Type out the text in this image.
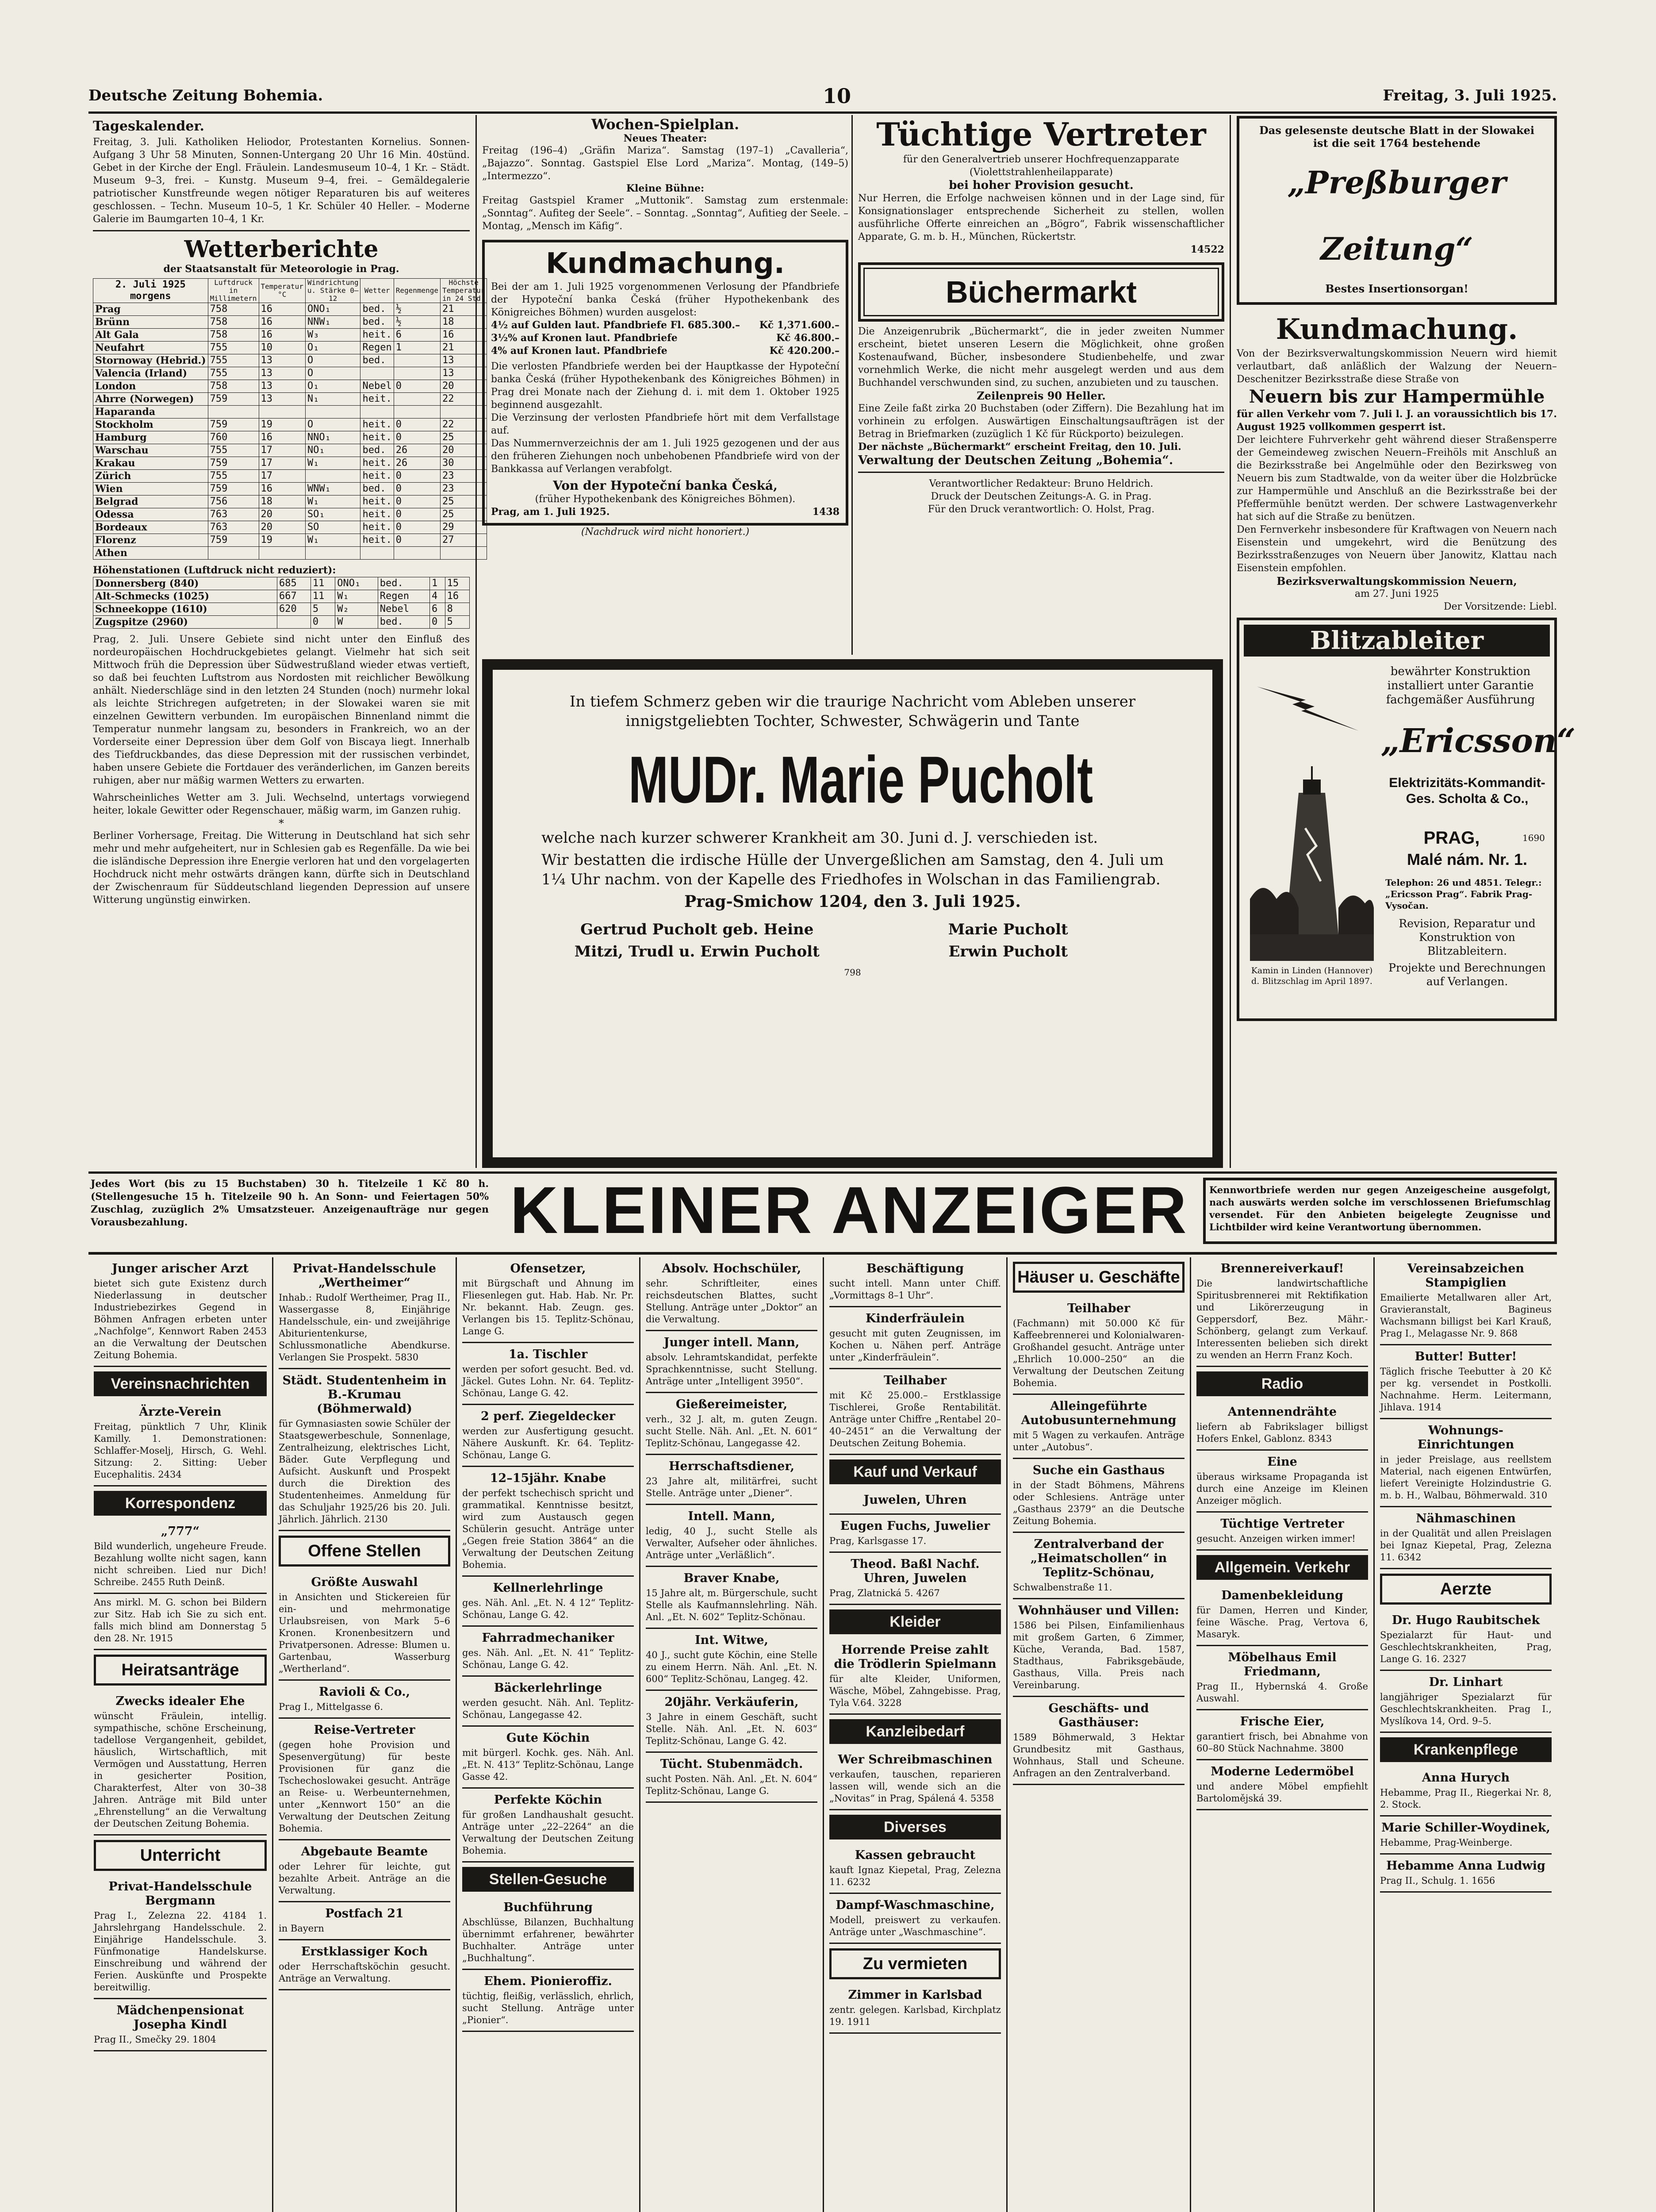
Deutsche Zeitung Bohemia.	10	Freitag, 3. Juli 1925.
Tageskalender.
Freitag, 3. Juli. Katholiken Heliodor, Protestanten Kornelius. Sonnen-Aufgang 3 Uhr 58 Minuten, Sonnen-Untergang 20 Uhr 16 Min. 40stünd. Gebet in der Kirche der Engl. Fräulein. Landesmuseum 10–4, 1 Kr. – Städt. Museum 9–3, frei. – Kunstg. Museum 9–4, frei. – Gemäldegalerie patriotischer Kunstfreunde wegen nötiger Reparaturen bis auf weiteres geschlossen. – Techn. Museum 10–5, 1 Kr. Schüler 40 Heller. – Moderne Galerie im Baumgarten 10–4, 1 Kr.
Wetterberichte
der Staatsanstalt für Meteorologie in Prag.
2. Juli 1925 morgens	Luftdruck in Millimetern	Temperatur °C	Windrichtung u. Stärke 0–12	Wetter	Regenmenge	Höchste Temperatur in 24 Std.
Prag	758	16	ONO₁	bed.	½	21
Brünn	758	16	NNW₁	bed.	½	18
Alt Gala	758	16	W₃	heit.	6	16
Neufahrt	755	10	O₁	Regen	1	21
Stornoway (Hebrid.)	755	13	O	bed.		13
Valencia (Irland)	755	13	O			13
London	758	13	O₁	Nebel	0	20
Ahrre (Norwegen)	759	13	N₁	heit.		22
Haparanda						
Stockholm	759	19	O	heit.	0	22
Hamburg	760	16	NNO₁	heit.	0	25
Warschau	755	17	NO₁	bed.	26	20
Krakau	759	17	W₁	heit.	26	30
Zürich	755	17		heit.	0	23
Wien	759	16	WNW₁	bed.	0	23
Belgrad	756	18	W₁	heit.	0	25
Odessa	763	20	SO₁	heit.	0	25
Bordeaux	763	20	SO	heit.	0	29
Florenz	759	19	W₁	heit.	0	27
Athen						
Höhenstationen (Luftdruck nicht reduziert):
Donnersberg (840)	685	11	ONO₁	bed.	1	15
Alt-Schmecks (1025)	667	11	W₁	Regen	4	16
Schneekoppe (1610)	620	5	W₂	Nebel	6	8
Zugspitze (2960)		0	W	bed.	0	5
Prag, 2. Juli. Unsere Gebiete sind nicht unter den Einfluß des nordeuropäischen Hochdruckgebietes gelangt. Vielmehr hat sich seit Mittwoch früh die Depression über Südwestrußland wieder etwas vertieft, so daß bei feuchten Luftstrom aus Nordosten mit reichlicher Bewölkung anhält. Niederschläge sind in den letzten 24 Stunden (noch) nurmehr lokal als leichte Strichregen aufgetreten; in der Slowakei waren sie mit einzelnen Gewittern verbunden. Im europäischen Binnenland nimmt die Temperatur nunmehr langsam zu, besonders in Frankreich, wo an der Vorderseite einer Depression über dem Golf von Biscaya liegt. Innerhalb des Tiefdruckbandes, das diese Depression mit der russischen verbindet, haben unsere Gebiete die Fortdauer des veränderlichen, im Ganzen bereits ruhigen, aber nur mäßig warmen Wetters zu erwarten.
Wahrscheinliches Wetter am 3. Juli. Wechselnd, untertags vorwiegend heiter, lokale Gewitter oder Regenschauer, mäßig warm, im Ganzen ruhig.
*
Berliner Vorhersage, Freitag. Die Witterung in Deutschland hat sich sehr mehr und mehr aufgeheitert, nur in Schlesien gab es Regenfälle. Da wie bei die isländische Depression ihre Energie verloren hat und den vorgelagerten Hochdruck nicht mehr ostwärts drängen kann, dürfte sich in Deutschland der Zwischenraum für Süddeutschland liegenden Depression auf unsere Witterung ungünstig einwirken.
Wochen-Spielplan.
Neues Theater:
Freitag (196–4) „Gräfin Mariza“. Samstag (197–1) „Cavalleria“, „Bajazzo“. Sonntag. Gastspiel Else Lord „Mariza“. Montag, (149–5) „Intermezzo“.
Kleine Bühne:
Freitag Gastspiel Kramer „Muttonik“. Samstag zum erstenmale: „Sonntag“. Aufiteg der Seele“. – Sonntag. „Sonntag“, Aufitieg der Seele. – Montag, „Mensch im Käfig“.
Kundmachung.
Bei der am 1. Juli 1925 vorgenommenen Verlosung der Pfandbriefe der Hypoteční banka Česká (früher Hypothekenbank des Königreiches Böhmen) wurden ausgelost:
4½ auf Gulden laut. Pfandbriefe Fl. 685.300.– Kč 1,371.600.–
3½% auf Kronen laut. Pfandbriefe	Kč 46.800.–
4% auf Kronen laut. Pfandbriefe	Kč 420.200.–
Die verlosten Pfandbriefe werden bei der Hauptkasse der Hypoteční banka Česká (früher Hypothekenbank des Königreiches Böhmen) in Prag drei Monate nach der Ziehung d. i. mit dem 1. Oktober 1925 beginnend ausgezahlt.
Die Verzinsung der verlosten Pfandbriefe hört mit dem Verfallstage auf.
Das Nummernverzeichnis der am 1. Juli 1925 gezogenen und der aus den früheren Ziehungen noch unbehobenen Pfandbriefe wird von der Bankkassa auf Verlangen verabfolgt.
Von der Hypoteční banka Česká,
(früher Hypothekenbank des Königreiches Böhmen).
Prag, am 1. Juli 1925.	1438
(Nachdruck wird nicht honoriert.)
Tüchtige Vertreter
für den Generalvertrieb unserer Hochfrequenzapparate (Violettstrahlenheilapparate)
bei hoher Provision gesucht.
Nur Herren, die Erfolge nachweisen können und in der Lage sind, für Konsignationslager entsprechende Sicherheit zu stellen, wollen ausführliche Offerte einreichen an „Bögro“, Fabrik wissenschaftlicher Apparate, G. m. b. H., München, Rückertstr.
14522
Büchermarkt
Die Anzeigenrubrik „Büchermarkt“, die in jeder zweiten Nummer erscheint, bietet unseren Lesern die Möglichkeit, ohne großen Kostenaufwand, Bücher, insbesondere Studienbehelfe, und zwar vornehmlich Werke, die nicht mehr ausgelegt werden und aus dem Buchhandel verschwunden sind, zu suchen, anzubieten und zu tauschen.
Zeilenpreis 90 Heller.
Eine Zeile faßt zirka 20 Buchstaben (oder Ziffern). Die Bezahlung hat im vorhinein zu erfolgen. Auswärtigen Einschaltungsaufträgen ist der Betrag in Briefmarken (zuzüglich 1 Kč für Rückporto) beizulegen.
Der nächste „Büchermarkt“ erscheint Freitag, den 10. Juli.
Verwaltung der Deutschen Zeitung „Bohemia“.
Verantwortlicher Redakteur: Bruno Heldrich.
Druck der Deutschen Zeitungs-A. G. in Prag.
Für den Druck verantwortlich: O. Holst, Prag.
Das gelesenste deutsche Blatt in der Slowakei
ist die seit 1764 bestehende
„Preßburger Zeitung“
Bestes Insertionsorgan!
Kundmachung.
Von der Bezirksverwaltungskommission Neuern wird hiemit verlautbart, daß anläßlich der Walzung der Neuern–Deschenitzer Bezirksstraße diese Straße von
Neuern bis zur Hampermühle
für allen Verkehr vom 7. Juli l. J. an voraussichtlich bis 17. August 1925 vollkommen gesperrt ist.
Der leichtere Fuhrverkehr geht während dieser Straßensperre der Gemeindeweg zwischen Neuern–Freihöls mit Anschluß an die Bezirksstraße bei Angelmühle oder den Bezirksweg von Neuern bis zum Stadtwalde, von da weiter über die Holzbrücke zur Hampermühle und Anschluß an die Bezirksstraße bei der Pfeffermühle benützt werden. Der schwere Lastwagenverkehr hat sich auf die Straße zu benützen.
Den Fernverkehr insbesondere für Kraftwagen von Neuern nach Eisenstein und umgekehrt, wird die Benützung des Bezirksstraßenzuges von Neuern über Janowitz, Klattau nach Eisenstein empfohlen.
Bezirksverwaltungskommission Neuern,
am 27. Juni 1925
Der Vorsitzende: Liebl.
Blitzableiter
bewährter Konstruktion installiert unter Garantie fachgemäßer Ausführung
„Ericsson“
Kamin in Linden (Hannover) d. Blitzschlag im April 1897.
Elektrizitäts-Kommandit-Ges. Scholta & Co.,
PRAG,	1690
Malé nám. Nr. 1.
Telephon: 26 und 4851. Telegr.: „Ericsson Prag“. Fabrik Prag-Vysočan.
Revision, Reparatur und Konstruktion von Blitzableitern.
Projekte und Berechnungen auf Verlangen.
In tiefem Schmerz geben wir die traurige Nachricht vom Ableben unserer innigstgeliebten Tochter, Schwester, Schwägerin und Tante
MUDr. Marie Pucholt
welche nach kurzer schwerer Krankheit am 30. Juni d. J. verschieden ist.
Wir bestatten die irdische Hülle der Unvergeßlichen am Samstag, den 4. Juli um 1¼ Uhr nachm. von der Kapelle des Friedhofes in Wolschan in das Familiengrab.
Prag-Smichow 1204, den 3. Juli 1925.
Gertrud Pucholt geb. Heine	Marie Pucholt
Mitzi, Trudl u. Erwin Pucholt	Erwin Pucholt
798
Jedes Wort (bis zu 15 Buchstaben) 30 h. Titelzeile 1 Kč 80 h. (Stellengesuche 15 h. Titelzeile 90 h. An Sonn- und Feiertagen 50% Zuschlag, zuzüglich 2% Umsatzsteuer. Anzeigenaufträge nur gegen Vorausbezahlung.	KLEINER ANZEIGER	Kennwortbriefe werden nur gegen Anzeigescheine ausgefolgt, nach auswärts werden solche im verschlossenen Briefumschlag versendet. Für den Anbieten beigelegte Zeugnisse und Lichtbilder wird keine Verantwortung übernommen.
Junger arischer Arzt
bietet sich gute Existenz durch Niederlassung in deutscher Industriebezirkes Gegend in Böhmen Anfragen erbeten unter „Nachfolge“, Kennwort Raben 2453 an die Verwaltung der Deutschen Zeitung Bohemia.
Vereinsnachrichten
Ärzte-Verein
Freitag, pünktlich 7 Uhr, Klinik Kamilly. 1. Demonstrationen: Schlaffer-Moselj, Hirsch, G. Wehl. Sitzung: 2. Sitting: Ueber Eucephalitis. 2434
Korrespondenz
„777“
Bild wunderlich, ungeheure Freude. Bezahlung wollte nicht sagen, kann nicht schreiben. Lied nur Dich! Schreibe. 2455 Ruth Deinß.
Ans mirkl. M. G. schon bei Bildern zur Sitz. Hab ich Sie zu sich ent. falls mich blind am Donnerstag 5 den 28. Nr. 1915
Heiratsanträge
Zwecks idealer Ehe
wünscht Fräulein, intellig. sympathische, schöne Erscheinung, tadellose Vergangenheit, gebildet, häuslich, Wirtschaftlich, mit Vermögen und Ausstattung, Herren in gesicherter Position, Charakterfest, Alter von 30–38 Jahren. Anträge mit Bild unter „Ehrenstellung“ an die Verwaltung der Deutschen Zeitung Bohemia.
Unterricht
Privat-Handelsschule Bergmann
Prag I., Zelezna 22. 4184 1. Jahrslehrgang Handelsschule. 2. Einjährige Handelsschule. 3. Fünfmonatige Handelskurse. Einschreibung und während der Ferien. Auskünfte und Prospekte bereitwillig.
Mädchenpensionat Josepha Kindl
Prag II., Smečky 29. 1804
Privat-Handelsschule „Wertheimer“
Inhab.: Rudolf Wertheimer, Prag II., Wassergasse 8, Einjährige Handelsschule, ein- und zweijährige Abiturientenkurse, Schlussmonatliche Abendkurse. Verlangen Sie Prospekt. 5830
Städt. Studentenheim in B.-Krumau (Böhmerwald)
für Gymnasiasten sowie Schüler der Staatsgewerbeschule, Sonnenlage, Zentralheizung, elektrisches Licht, Bäder. Gute Verpflegung und Aufsicht. Auskunft und Prospekt durch die Direktion des Studentenheimes. Anmeldung für das Schuljahr 1925/26 bis 20. Juli. Jährlich. Jährlich. 2130
Offene Stellen
Größte Auswahl
in Ansichten und Stickereien für ein- und mehrmonatige Urlaubsreisen, von Mark 5–6 Kronen. Kronenbesitzern und Privatpersonen. Adresse: Blumen u. Gartenbau, Wasserburg „Wertherland“.
Ravioli & Co.,
Prag I., Mittelgasse 6.
Reise-Vertreter
(gegen hohe Provision und Spesenvergütung) für beste Provisionen für ganz die Tschechoslowakei gesucht. Anträge an Reise- u. Werbeunternehmen, unter „Kennwort 150“ an die Verwaltung der Deutschen Zeitung Bohemia.
Abgebaute Beamte
oder Lehrer für leichte, gut bezahlte Arbeit. Anträge an die Verwaltung.
Postfach 21
in Bayern
Erstklassiger Koch
oder Herrschaftsköchin gesucht. Anträge an Verwaltung.
Ofensetzer,
mit Bürgschaft und Ahnung im Fliesenlegen gut. Hab. Hab. Nr. Pr. Nr. bekannt. Hab. Zeugn. ges. Verlangen bis 15. Teplitz-Schönau, Lange G.
1a. Tischler
werden per sofort gesucht. Bed. vd. Jäckel. Gutes Lohn. Nr. 64. Teplitz-Schönau, Lange G. 42.
2 perf. Ziegeldecker
werden zur Ausfertigung gesucht. Nähere Auskunft. Kr. 64. Teplitz-Schönau, Lange G.
12–15jähr. Knabe
der perfekt tschechisch spricht und grammatikal. Kenntnisse besitzt, wird zum Austausch gegen Schülerin gesucht. Anträge unter „Gegen freie Station 3864“ an die Verwaltung der Deutschen Zeitung Bohemia.
Kellnerlehrlinge
ges. Näh. Anl. „Et. N. 4 12“ Teplitz-Schönau, Lange G. 42.
Fahrradmechaniker
ges. Näh. Anl. „Et. N. 41“ Teplitz-Schönau, Lange G. 42.
Bäckerlehrlinge
werden gesucht. Näh. Anl. Teplitz-Schönau, Langegasse 42.
Gute Köchin
mit bürgerl. Kochk. ges. Näh. Anl. „Et. N. 413“ Teplitz-Schönau, Lange Gasse 42.
Perfekte Köchin
für großen Landhaushalt gesucht. Anträge unter „22–2264“ an die Verwaltung der Deutschen Zeitung Bohemia.
Stellen-Gesuche
Buchführung
Abschlüsse, Bilanzen, Buchhaltung übernimmt erfahrener, bewährter Buchhalter. Anträge unter „Buchhaltung“.
Ehem. Pionieroffiz.
tüchtig, fleißig, verlässlich, ehrlich, sucht Stellung. Anträge unter „Pionier“.
Absolv. Hochschüler,
sehr. Schriftleiter, eines reichsdeutschen Blattes, sucht Stellung. Anträge unter „Doktor“ an die Verwaltung.
Junger intell. Mann,
absolv. Lehramtskandidat, perfekte Sprachkenntnisse, sucht Stellung. Anträge unter „Intelligent 3950“.
Gießereimeister,
verh., 32 J. alt, m. guten Zeugn. sucht Stelle. Näh. Anl. „Et. N. 601“ Teplitz-Schönau, Langegasse 42.
Herrschaftsdiener,
23 Jahre alt, militärfrei, sucht Stelle. Anträge unter „Diener“.
Intell. Mann,
ledig, 40 J., sucht Stelle als Verwalter, Aufseher oder ähnliches. Anträge unter „Verläßlich“.
Braver Knabe,
15 Jahre alt, m. Bürgerschule, sucht Stelle als Kaufmannslehrling. Näh. Anl. „Et. N. 602“ Teplitz-Schönau.
Int. Witwe,
40 J., sucht gute Köchin, eine Stelle zu einem Herrn. Näh. Anl. „Et. N. 600“ Teplitz-Schönau, Langeg. 42.
20jähr. Verkäuferin,
3 Jahre in einem Geschäft, sucht Stelle. Näh. Anl. „Et. N. 603“ Teplitz-Schönau, Lange G. 42.
Tücht. Stubenmädch.
sucht Posten. Näh. Anl. „Et. N. 604“ Teplitz-Schönau, Lange G.
Beschäftigung
sucht intell. Mann unter Chiff. „Vormittags 8–1 Uhr“.
Kinderfräulein
gesucht mit guten Zeugnissen, im Kochen u. Nähen perf. Anträge unter „Kinderfräulein“.
Teilhaber
mit Kč 25.000.– Erstklassige Tischlerei, Große Rentabilität. Anträge unter Chiffre „Rentabel 20–40–2451“ an die Verwaltung der Deutschen Zeitung Bohemia.
Kauf und Verkauf
Juwelen, Uhren
Eugen Fuchs, Juwelier
Prag, Karlsgasse 17.
Theod. Baßl Nachf. Uhren, Juwelen
Prag, Zlatnická 5. 4267
Kleider
Horrende Preise zahlt die Trödlerin Spielmann
für alte Kleider, Uniformen, Wäsche, Möbel, Zahngebisse. Prag, Tyla V.64. 3228
Kanzleibedarf
Wer Schreibmaschinen
verkaufen, tauschen, reparieren lassen will, wende sich an die „Novitas“ in Prag, Spálená 4. 5358
Diverses
Kassen gebraucht
kauft Ignaz Kiepetal, Prag, Zelezna 11. 6232
Dampf-Waschmaschine,
Modell, preiswert zu verkaufen. Anträge unter „Waschmaschine“.
Zu vermieten
Zimmer in Karlsbad
zentr. gelegen. Karlsbad, Kirchplatz 19. 1911
Häuser u. Geschäfte
Teilhaber
(Fachmann) mit 50.000 Kč für Kaffeebrennerei und Kolonialwaren-Großhandel gesucht. Anträge unter „Ehrlich 10.000–250“ an die Verwaltung der Deutschen Zeitung Bohemia.
Alleingeführte Autobusunternehmung
mit 5 Wagen zu verkaufen. Anträge unter „Autobus“.
Suche ein Gasthaus
in der Stadt Böhmens, Mährens oder Schlesiens. Anträge unter „Gasthaus 2379“ an die Deutsche Zeitung Bohemia.
Zentralverband der „Heimatschollen“ in Teplitz-Schönau,
Schwalbenstraße 11.
Wohnhäuser und Villen:
1586 bei Pilsen, Einfamilienhaus mit großem Garten, 6 Zimmer, Küche, Veranda, Bad. 1587, Stadthaus, Fabriksgebäude, Gasthaus, Villa. Preis nach Vereinbarung.
Geschäfts- und Gasthäuser:
1589 Böhmerwald, 3 Hektar Grundbesitz mit Gasthaus, Wohnhaus, Stall und Scheune. Anfragen an den Zentralverband.
Brennereiverkauf!
Die landwirtschaftliche Spiritusbrennerei mit Rektifikation und Likörerzeugung in Geppersdorf, Bez. Mähr.-Schönberg, gelangt zum Verkauf. Interessenten belieben sich direkt zu wenden an Herrn Franz Koch.
Radio
Antennendrähte
liefern ab Fabrikslager billigst Hofers Enkel, Gablonz. 8343
Eine
überaus wirksame Propaganda ist durch eine Anzeige im Kleinen Anzeiger möglich.
Tüchtige Vertreter
gesucht. Anzeigen wirken immer!
Allgemein. Verkehr
Damenbekleidung
für Damen, Herren und Kinder, feine Wäsche. Prag, Vertova 6, Masaryk.
Möbelhaus Emil Friedmann,
Prag II., Hybernská 4. Große Auswahl.
Frische Eier,
garantiert frisch, bei Abnahme von 60–80 Stück Nachnahme. 3800
Moderne Ledermöbel
und andere Möbel empfiehlt Bartolomějská 39.
Vereinsabzeichen Stampiglien
Emailierte Metallwaren aller Art, Gravieranstalt, Bagineus Wachsmann billigst bei Karl Krauß, Prag I., Melagasse Nr. 9. 868
Butter! Butter!
Täglich frische Teebutter à 20 Kč per kg. versendet in Postkolli. Nachnahme. Herm. Leitermann, Jihlava. 1914
Wohnungs-Einrichtungen
in jeder Preislage, aus reellstem Material, nach eigenen Entwürfen, liefert Vereinigte Holzindustrie G. m. b. H., Walbau, Böhmerwald. 310
Nähmaschinen
in der Qualität und allen Preislagen bei Ignaz Kiepetal, Prag, Zelezna 11. 6342
Aerzte
Dr. Hugo Raubitschek
Spezialarzt für Haut- und Geschlechtskrankheiten, Prag, Lange G. 16. 2327
Dr. Linhart
langjähriger Spezialarzt für Geschlechtskrankheiten. Prag I., Myslíkova 14, Ord. 9–5.
Krankenpflege
Anna Hurych
Hebamme, Prag II., Riegerkai Nr. 8, 2. Stock.
Marie Schiller-Woydinek,
Hebamme, Prag-Weinberge.
Hebamme Anna Ludwig
Prag II., Schulg. 1. 1656
